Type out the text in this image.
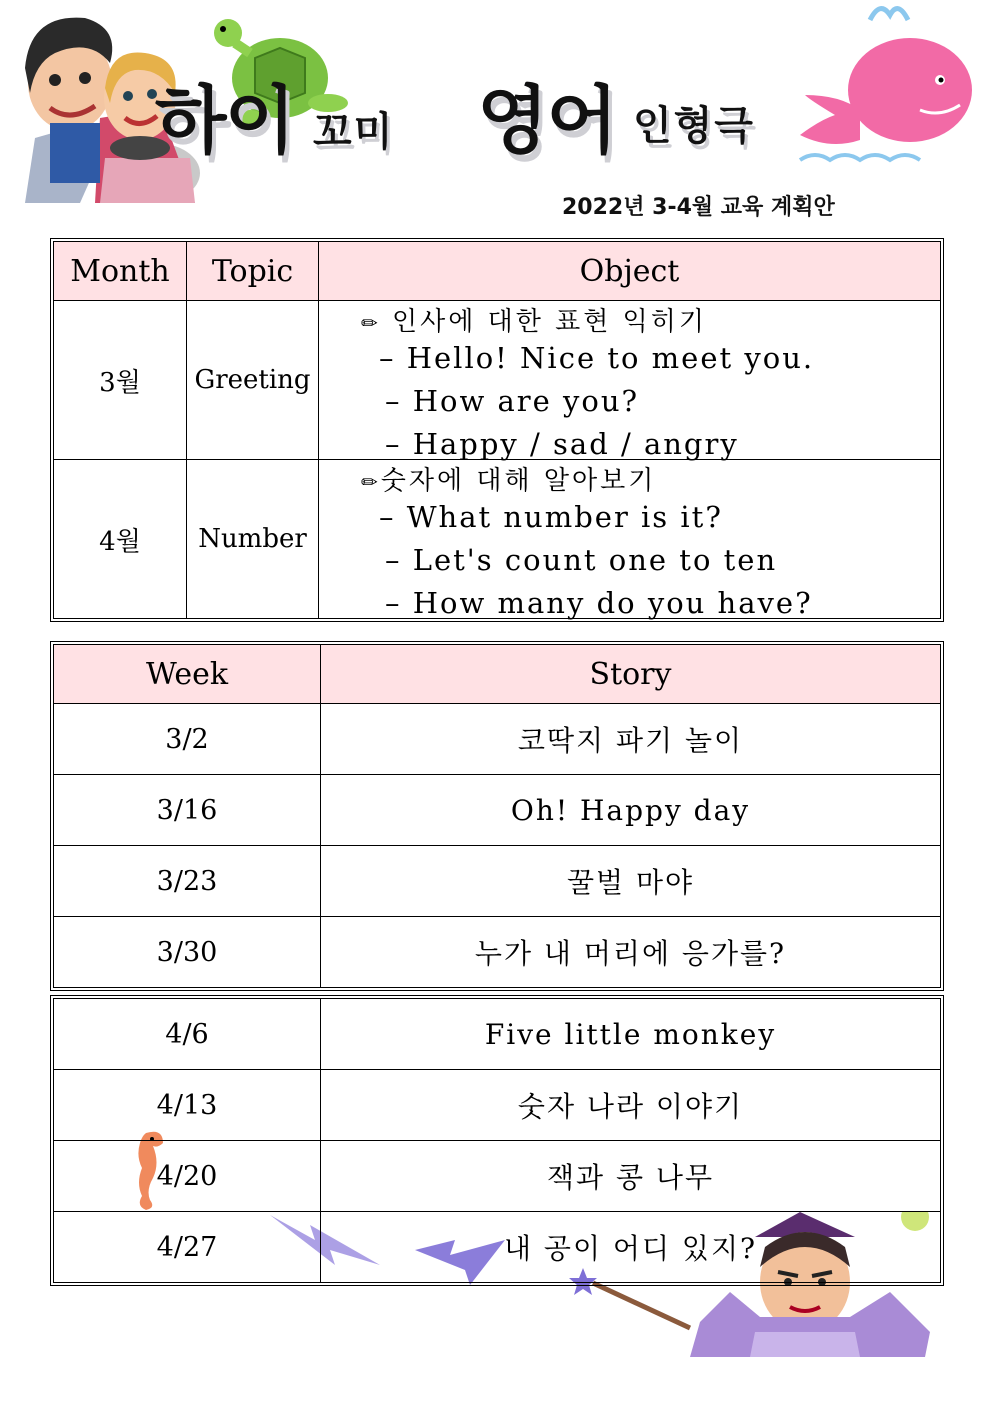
하이 꼬미 영어 인형극
2022년 3-4월 교육 계획안
Month	Topic	Object
3월	Greeting	✏ 인사에 대한 표현 익히기
– Hello! Nice to meet you.
– How are you?
– Happy / sad / angry

4월	Number	✏숫자에 대해 알아보기
– What number is it?
– Let's count one to ten
– How many do you have?
Week	Story
3/2	코딱지 파기 놀이
3/16	Oh! Happy day
3/23	꿀벌 마야
3/30	누가 내 머리에 응가를?
4/6	Five little monkey
4/13	숫자 나라 이야기
4/20	잭과 콩 나무
4/27	내 공이 어디 있지?
